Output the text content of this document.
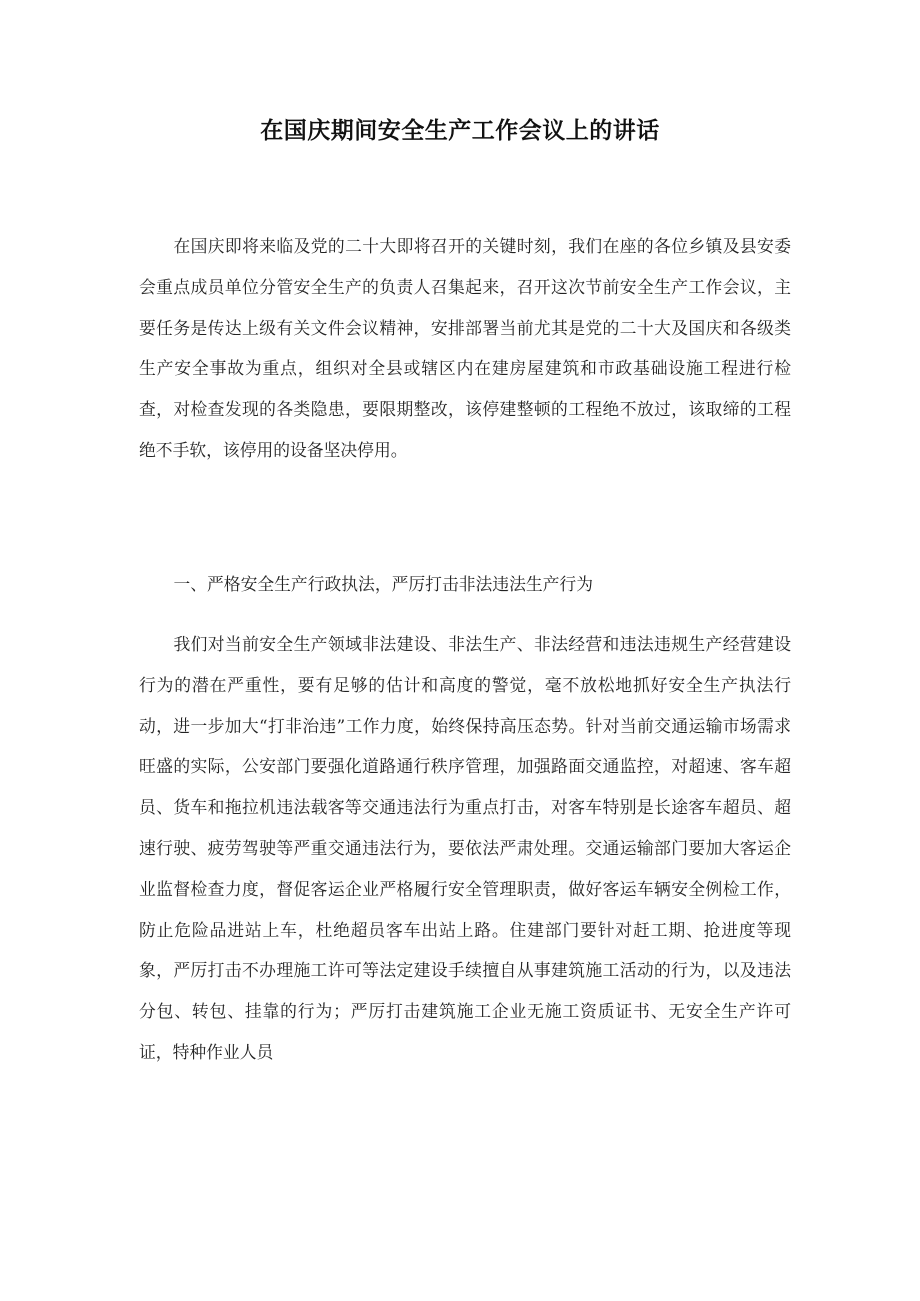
在国庆期间安全生产工作会议上的讲话

在国庆即将来临及党的二十大即将召开的关键时刻，我们在座的各位乡镇及县安委会重点成员单位分管安全生产的负责人召集起来，召开这次节前安全生产工作会议，主要任务是传达上级有关文件会议精神，安排部署当前尤其是党的二十大及国庆和各级类生产安全事故为重点，组织对全县或辖区内在建房屋建筑和市政基础设施工程进行检查，对检查发现的各类隐患，要限期整改，该停建整顿的工程绝不放过，该取缔的工程绝不手软，该停用的设备坚决停用。

一、严格安全生产行政执法，严厉打击非法违法生产行为

我们对当前安全生产领域非法建设、非法生产、非法经营和违法违规生产经营建设行为的潜在严重性，要有足够的估计和高度的警觉，毫不放松地抓好安全生产执法行动，进一步加大“打非治违”工作力度，始终保持高压态势。针对当前交通运输市场需求旺盛的实际，公安部门要强化道路通行秩序管理，加强路面交通监控，对超速、客车超员、货车和拖拉机违法载客等交通违法行为重点打击，对客车特别是长途客车超员、超速行驶、疲劳驾驶等严重交通违法行为，要依法严肃处理。交通运输部门要加大客运企业监督检查力度，督促客运企业严格履行安全管理职责，做好客运车辆安全例检工作，防止危险品进站上车，杜绝超员客车出站上路。住建部门要针对赶工期、抢进度等现象，严厉打击不办理施工许可等法定建设手续擅自从事建筑施工活动的行为，以及违法分包、转包、挂靠的行为；严厉打击建筑施工企业无施工资质证书、无安全生产许可证，特种作业人员
